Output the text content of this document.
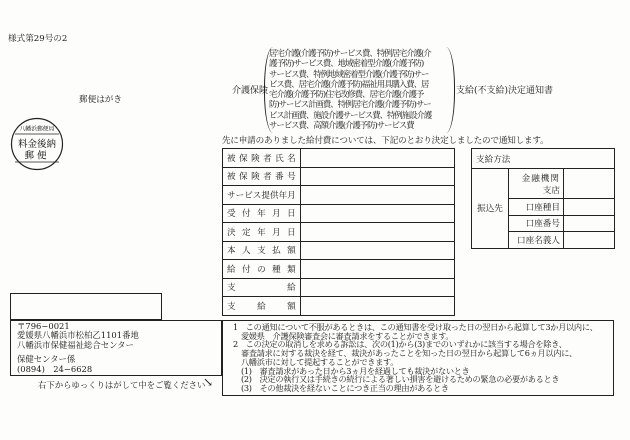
様式第29号の2
介護保険
居宅介護(介護予防)サービス費、特例居宅介護(介
護予防)サービス費、地域密着型介護(介護予防)
サービス費、特例地域密着型介護(介護予防)サー
ビス費、居宅介護(介護予防)福祉用具購入費、居
宅介護(介護予防)住宅改修費、居宅介護(介護予
防)サービス計画費、特例居宅介護(介護予防)サー
ビス計画費、施設介護サービス費、特例施設介護
サービス費、高額介護(介護予防)サービス費
支給(不支給)決定通知書
先に申請のありました給付費については、下記のとおり決定しましたので通知します。
郵便はがき
八幡浜郵便局
料金後納
郵便	被保険者氏名	
被保険者番号	
サービス提供年月	
受付年月日	
決定年月日	
本人支払額	
給付の種類	
支給	
支給額	
支給方法		
振込先	金融機関
支店	

	口座種目	
	口座番号	
	口座名義人	
〒796−0021
愛媛県八幡浜市松柏乙1101番地
八幡浜市保健福祉総合センター
保健センター係
(0894)　24−6628
右下からゆっくりはがして中をご覧ください
↘
1　この通知について不服があるときは、この通知書を受け取った日の翌日から起算して3か月以内に、
愛媛県　介護保険審査会に審査請求をすることができます。
2　この決定の取消しを求める訴訟は、次の(1)から(3)までのいずれかに該当する場合を除き、
審査請求に対する裁決を経て、裁決があったことを知った日の翌日から起算して6ヵ月以内に、
八幡浜市に対して提起することができます。
(1)　審査請求があった日から3ヵ月を経過しても裁決がないとき
(2)　決定の執行又は手続きの続行による著しい損害を避けるための緊急の必要があるとき
(3)　その他裁決を経ないことにつき正当の理由があるとき
